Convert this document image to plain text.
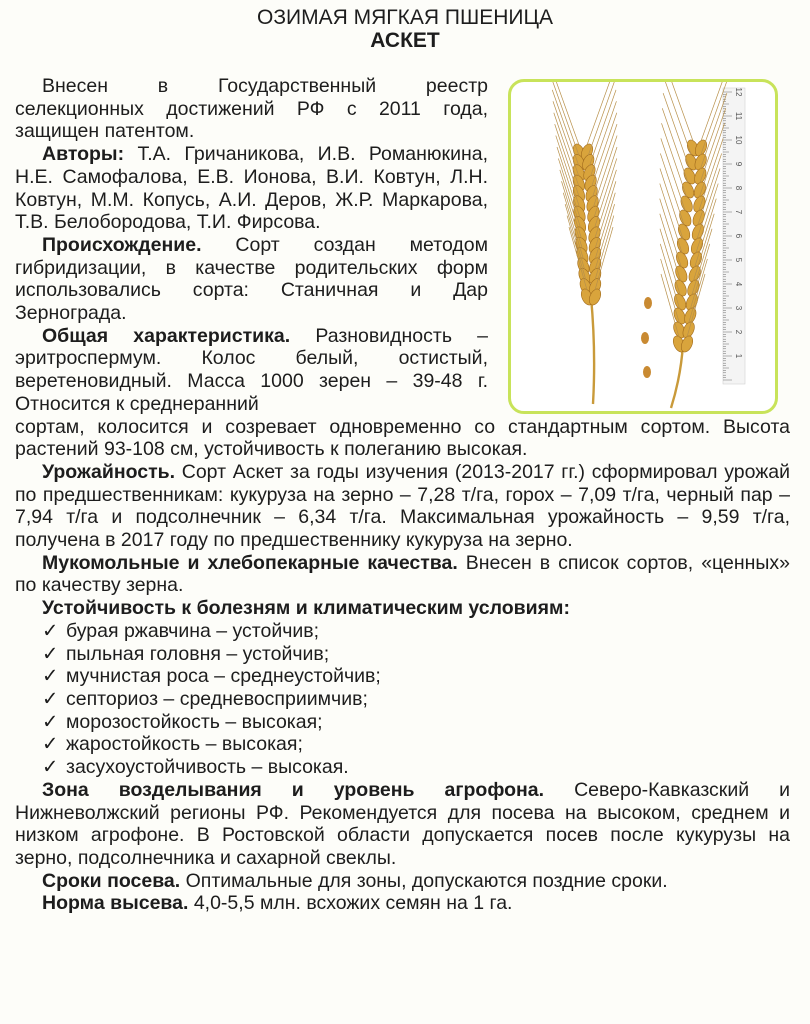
ОЗИМАЯ МЯГКАЯ ПШЕНИЦА
АСКЕТ
1
2
3
4
5
6
7
8
9
10
11
12

Внесен в Государственный реестр селекционных достижений РФ с 2011 года, защищен патентом.

Авторы: Т.А. Гричаникова, И.В. Романюкина, Н.Е. Самофалова, Е.В. Ионова, В.И. Ковтун, Л.Н. Ковтун, М.М. Копусь, А.И. Деров, Ж.Р. Маркарова, Т.В. Белобородова, Т.И. Фирсова.

Происхождение. Сорт создан методом гибридизации, в качестве родительских форм использовались сорта: Станичная и Дар Зернограда.

Общая характеристика. Разновидность – эритроспермум. Колос белый, остистый, веретеновидный. Масса 1000 зерен – 39-48 г. Относится к среднеранний

сортам, колосится и созревает одновременно со стандартным сортом. Высота растений 93-108 см, устойчивость к полеганию высокая.

Урожайность. Сорт Аскет за годы изучения (2013-2017 гг.) сформировал урожай по предшественникам: кукуруза на зерно – 7,28 т/га, горох – 7,09 т/га, черный пар – 7,94 т/га и подсолнечник – 6,34 т/га. Максимальная урожайность – 9,59 т/га, получена в 2017 году по предшественнику кукуруза на зерно.

Мукомольные и хлебопекарные качества. Внесен в список сортов, «ценных» по качеству зерна.

Устойчивость к болезням и климатическим условиям:

✓ бурая ржавчина – устойчив;
✓ пыльная головня – устойчив;
✓ мучнистая роса – среднеустойчив;
✓ септориоз – средневосприимчив;
✓ морозостойкость – высокая;
✓ жаростойкость – высокая;
✓ засухоустойчивость – высокая.

Зона возделывания и уровень агрофона. Северо-Кавказский и Нижневолжский регионы РФ. Рекомендуется для посева на высоком, среднем и низком агрофоне. В Ростовской области допускается посев после кукурузы на зерно, подсолнечника и сахарной свеклы.

Сроки посева. Оптимальные для зоны, допускаются поздние сроки.

Норма высева. 4,0-5,5 млн. всхожих семян на 1 га.
